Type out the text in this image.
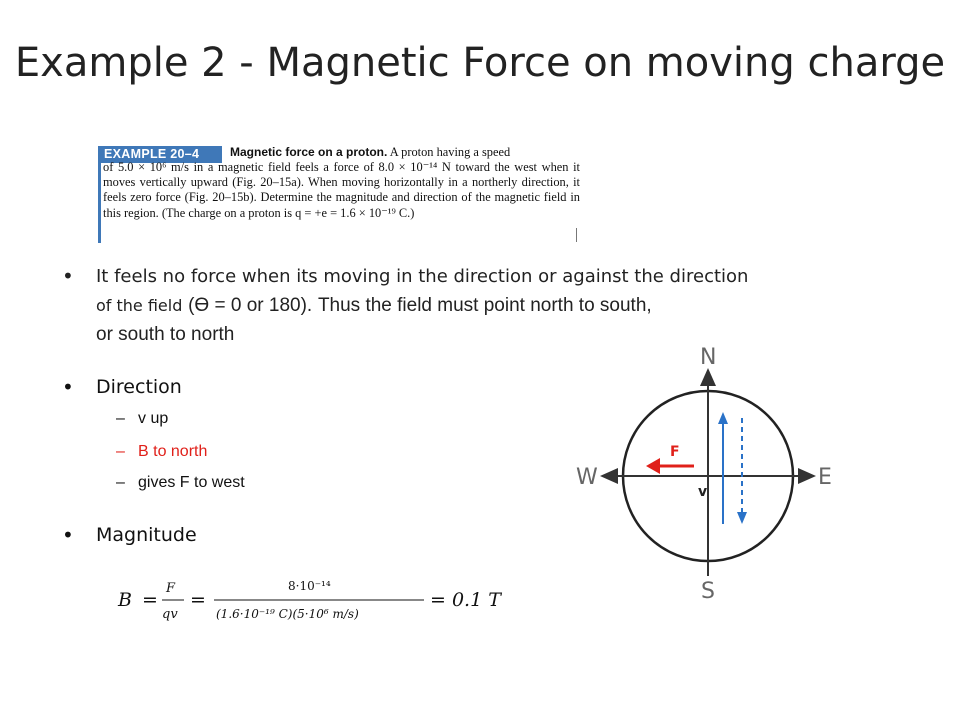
Example 2 - Magnetic Force on moving charge
EXAMPLE 20–4	Magnetic force on a proton. A proton having a speed
of 5.0 × 10⁶ m/s in a magnetic field feels a force of 8.0 × 10⁻¹⁴ N toward the west when it moves vertically upward (Fig. 20–15a). When moving horizontally in a northerly direction, it feels zero force (Fig. 20–15b). Determine the magnitude and direction of the magnetic field in this region. (The charge on a proton is q = +e = 1.6 × 10⁻¹⁹ C.)
• It feels no force when its moving in the direction or against the direction
of the field (Ɵ = 0 or 180). Thus the field must point north to south,
or south to north
• Direction
– v up
– B to north
– gives F to west
• Magnitude
B =
F
qv
=
8·10⁻¹⁴
(1.6·10⁻¹⁹ C)(5·10⁶ m/s)
= 0.1 T
N
S
E
W
F
v
